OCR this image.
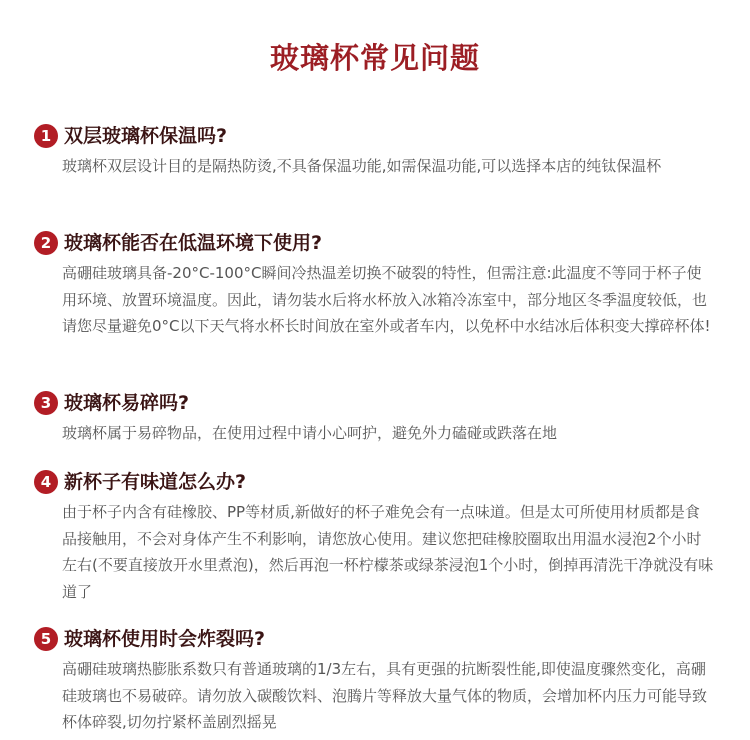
玻璃杯常见问题
1 双层玻璃杯保温吗?
玻璃杯双层设计目的是隔热防烫,不具备保温功能,如需保温功能,可以选择本店的纯钛保温杯
2 玻璃杯能否在低温环境下使用?
高硼硅玻璃具备-20°C-100°C瞬间冷热温差切换不破裂的特性，但需注意:此温度不等同于杯子使用环境、放置环境温度。因此，请勿装水后将水杯放入冰箱冷冻室中，部分地区冬季温度较低，也请您尽量避免0°C以下天气将水杯长时间放在室外或者车内，以免杯中水结冰后体积变大撑碎杯体!
3 玻璃杯易碎吗?
玻璃杯属于易碎物品，在使用过程中请小心呵护，避免外力磕碰或跌落在地
4 新杯子有味道怎么办?
由于杯子内含有硅橡胶、PP等材质,新做好的杯子难免会有一点味道。但是太可所使用材质都是食品接触用，不会对身体产生不利影响，请您放心使用。建议您把硅橡胶圈取出用温水浸泡2个小时左右(不要直接放开水里煮泡)，然后再泡一杯柠檬茶或绿茶浸泡1个小时，倒掉再清洗干净就没有味道了
5 玻璃杯使用时会炸裂吗?
高硼硅玻璃热膨胀系数只有普通玻璃的1/3左右，具有更强的抗断裂性能,即使温度骤然变化，高硼硅玻璃也不易破碎。请勿放入碳酸饮料、泡腾片等释放大量气体的物质，会增加杯内压力可能导致杯体碎裂,切勿拧紧杯盖剧烈摇晃
